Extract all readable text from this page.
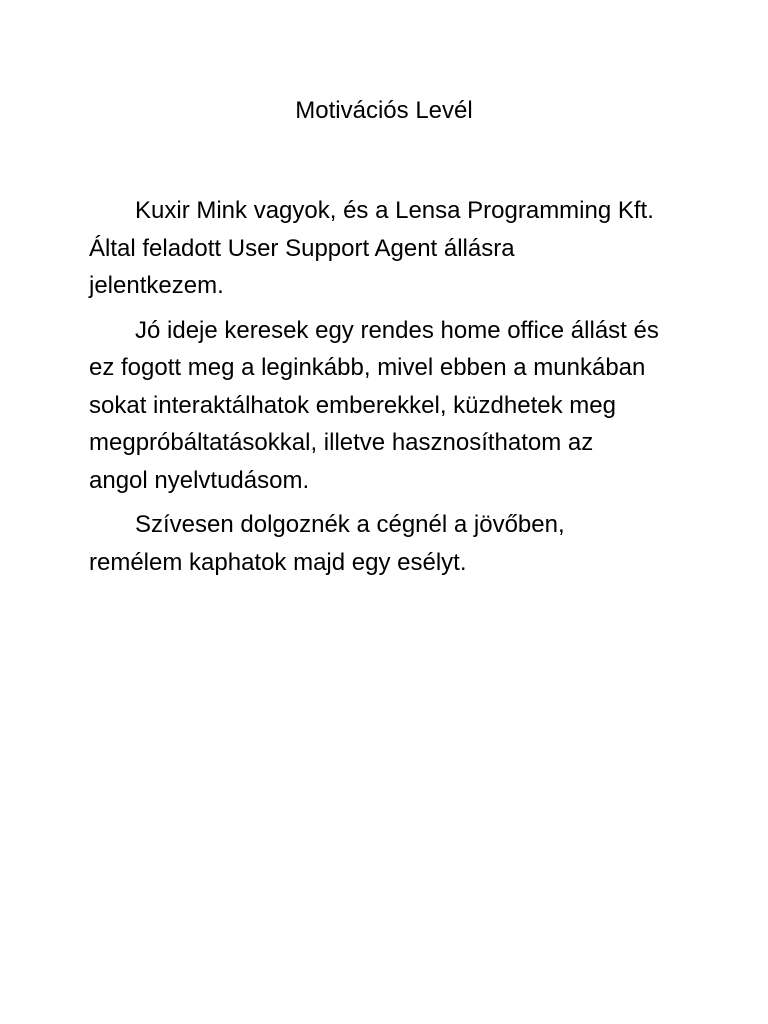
Motivációs Levél

Kuxir Mink vagyok, és a Lensa Programming Kft.
Által feladott User Support Agent állásra
jelentkezem.

Jó ideje keresek egy rendes home office állást és
ez fogott meg a leginkább, mivel ebben a munkában
sokat interaktálhatok emberekkel, küzdhetek meg
megpróbáltatásokkal, illetve hasznosíthatom az
angol nyelvtudásom.

Szívesen dolgoznék a cégnél a jövőben,
remélem kaphatok majd egy esélyt.
